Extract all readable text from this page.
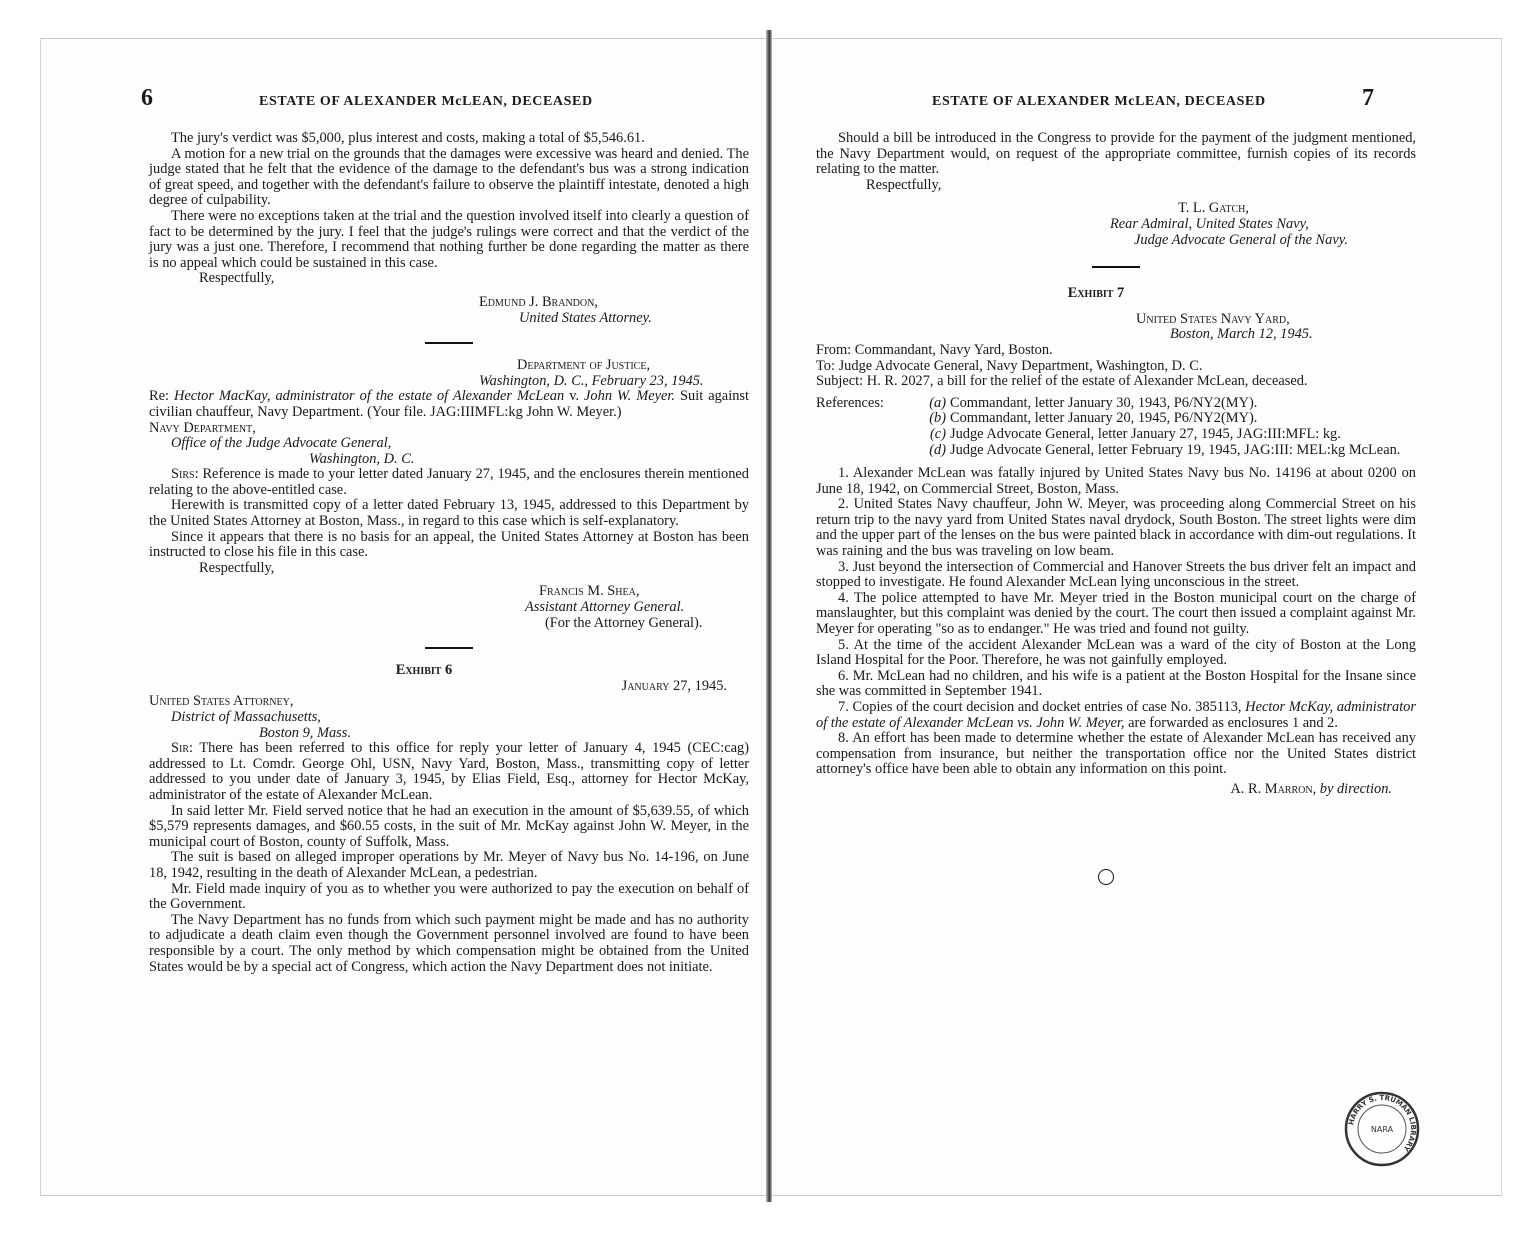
6	ESTATE OF ALEXANDER McLEAN, DECEASED

The jury's verdict was $5,000, plus interest and costs, making a total of $5,546.61.

A motion for a new trial on the grounds that the damages were excessive was heard and denied. The judge stated that he felt that the evidence of the damage to the defendant's bus was a strong indication of great speed, and together with the defendant's failure to observe the plaintiff intestate, denoted a high degree of culpability.

There were no exceptions taken at the trial and the question involved itself into clearly a question of fact to be determined by the jury. I feel that the judge's rulings were correct and that the verdict of the jury was a just one. Therefore, I recommend that nothing further be done regarding the matter as there is no appeal which could be sustained in this case.

Respectfully,

Edmund J. Brandon,
United States Attorney.
Department of Justice,
Washington, D. C., February 23, 1945.

Re: Hector MacKay, administrator of the estate of Alexander McLean v. John W. Meyer. Suit against civilian chauffeur, Navy Department. (Your file. JAG:IIIMFL:kg John W. Meyer.)

Navy Department,
Office of the Judge Advocate General,
Washington, D. C.

Sirs: Reference is made to your letter dated January 27, 1945, and the enclosures therein mentioned relating to the above-entitled case.

Herewith is transmitted copy of a letter dated February 13, 1945, addressed to this Department by the United States Attorney at Boston, Mass., in regard to this case which is self-explanatory.

Since it appears that there is no basis for an appeal, the United States Attorney at Boston has been instructed to close his file in this case.

Respectfully,

Francis M. Shea,
Assistant Attorney General.
(For the Attorney General).
Exhibit 6
January 27, 1945.
United States Attorney,
District of Massachusetts,
Boston 9, Mass.

Sir: There has been referred to this office for reply your letter of January 4, 1945 (CEC:cag) addressed to Lt. Comdr. George Ohl, USN, Navy Yard, Boston, Mass., transmitting copy of letter addressed to you under date of January 3, 1945, by Elias Field, Esq., attorney for Hector McKay, administrator of the estate of Alexander McLean.

In said letter Mr. Field served notice that he had an execution in the amount of $5,639.55, of which $5,579 represents damages, and $60.55 costs, in the suit of Mr. McKay against John W. Meyer, in the municipal court of Boston, county of Suffolk, Mass.

The suit is based on alleged improper operations by Mr. Meyer of Navy bus No. 14-196, on June 18, 1942, resulting in the death of Alexander McLean, a pedestrian.

Mr. Field made inquiry of you as to whether you were authorized to pay the execution on behalf of the Government.

The Navy Department has no funds from which such payment might be made and has no authority to adjudicate a death claim even though the Government personnel involved are found to have been responsible by a court. The only method by which compensation might be obtained from the United States would be by a special act of Congress, which action the Navy Department does not initiate.

ESTATE OF ALEXANDER McLEAN, DECEASED	7

Should a bill be introduced in the Congress to provide for the payment of the judgment mentioned, the Navy Department would, on request of the appropriate committee, furnish copies of its records relating to the matter.

Respectfully,

T. L. Gatch,
Rear Admiral, United States Navy,
Judge Advocate General of the Navy.
Exhibit 7
United States Navy Yard,
Boston, March 12, 1945.

From: Commandant, Navy Yard, Boston.

To: Judge Advocate General, Navy Department, Washington, D. C.

Subject: H. R. 2027, a bill for the relief of the estate of Alexander McLean, deceased.

References:	(a) Commandant, letter January 30, 1943, P6/NY2(MY).
(b) Commandant, letter January 20, 1945, P6/NY2(MY).
(c) Judge Advocate General, letter January 27, 1945, JAG:III:MFL: kg.
(d) Judge Advocate General, letter February 19, 1945, JAG:III: MEL:kg McLean.

1. Alexander McLean was fatally injured by United States Navy bus No. 14196 at about 0200 on June 18, 1942, on Commercial Street, Boston, Mass.

2. United States Navy chauffeur, John W. Meyer, was proceeding along Commercial Street on his return trip to the navy yard from United States naval drydock, South Boston. The street lights were dim and the upper part of the lenses on the bus were painted black in accordance with dim-out regulations. It was raining and the bus was traveling on low beam.

3. Just beyond the intersection of Commercial and Hanover Streets the bus driver felt an impact and stopped to investigate. He found Alexander McLean lying unconscious in the street.

4. The police attempted to have Mr. Meyer tried in the Boston municipal court on the charge of manslaughter, but this complaint was denied by the court. The court then issued a complaint against Mr. Meyer for operating "so as to endanger." He was tried and found not guilty.

5. At the time of the accident Alexander McLean was a ward of the city of Boston at the Long Island Hospital for the Poor. Therefore, he was not gainfully employed.

6. Mr. McLean had no children, and his wife is a patient at the Boston Hospital for the Insane since she was committed in September 1941.

7. Copies of the court decision and docket entries of case No. 385113, Hector McKay, administrator of the estate of Alexander McLean vs. John W. Meyer, are forwarded as enclosures 1 and 2.

8. An effort has been made to determine whether the estate of Alexander McLean has received any compensation from insurance, but neither the transportation office nor the United States district attorney's office have been able to obtain any information on this point.

A. R. Marron, by direction.
HARRY S. TRUMAN LIBRARY
NARA
